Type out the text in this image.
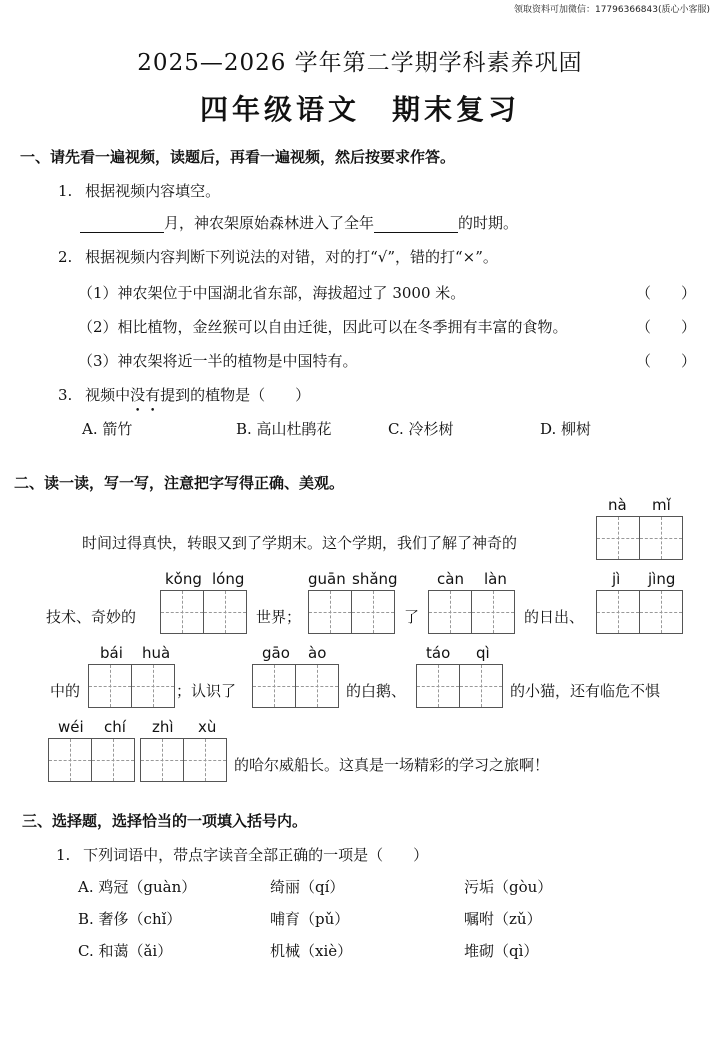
领取资料可加微信：17796366843(质心小客服)
2025—2026 学年第二学期学科素养巩固
四年级语文　期末复习
一、请先看一遍视频，读题后，再看一遍视频，然后按要求作答。
1. 根据视频内容填空。
月，神农架原始森林进入了全年	的时期。
2. 根据视频内容判断下列说法的对错，对的打“√”，错的打“×”。
（1）神农架位于中国湖北省东部，海拔超过了 3000 米。	（　　）
（2）相比植物，金丝猴可以自由迁徙，因此可以在冬季拥有丰富的食物。	（　　）
（3）神农架将近一半的植物是中国特有。	（　　）
3. 视频中没有提到的植物是（　　）
A. 箭竹	B. 高山杜鹃花	C. 冷杉树	D. 柳树
二、读一读，写一写，注意把字写得正确、美观。
nà mǐ
时间过得真快，转眼又到了学期末。这个学期，我们了解了神奇的
kǒng lóng	guān shǎng	càn làn	jì jìng
技术、奇妙的	世界；	了	的日出、
bái huà	gāo ào	táo qì
中的	；认识了	的白鹅、	的小猫，还有临危不惧
wéi chí zhì xù
的哈尔威船长。这真是一场精彩的学习之旅啊！
三、选择题，选择恰当的一项填入括号内。
1. 下列词语中，带点字读音全部正确的一项是（　　）
A. 鸡冠（guàn）	绮丽（qí）	污垢（gòu）
B. 奢侈（chǐ）	哺育（pǔ）	嘱咐（zǔ）
C. 和蔼（ǎi）	机械（xiè）	堆砌（qì）
